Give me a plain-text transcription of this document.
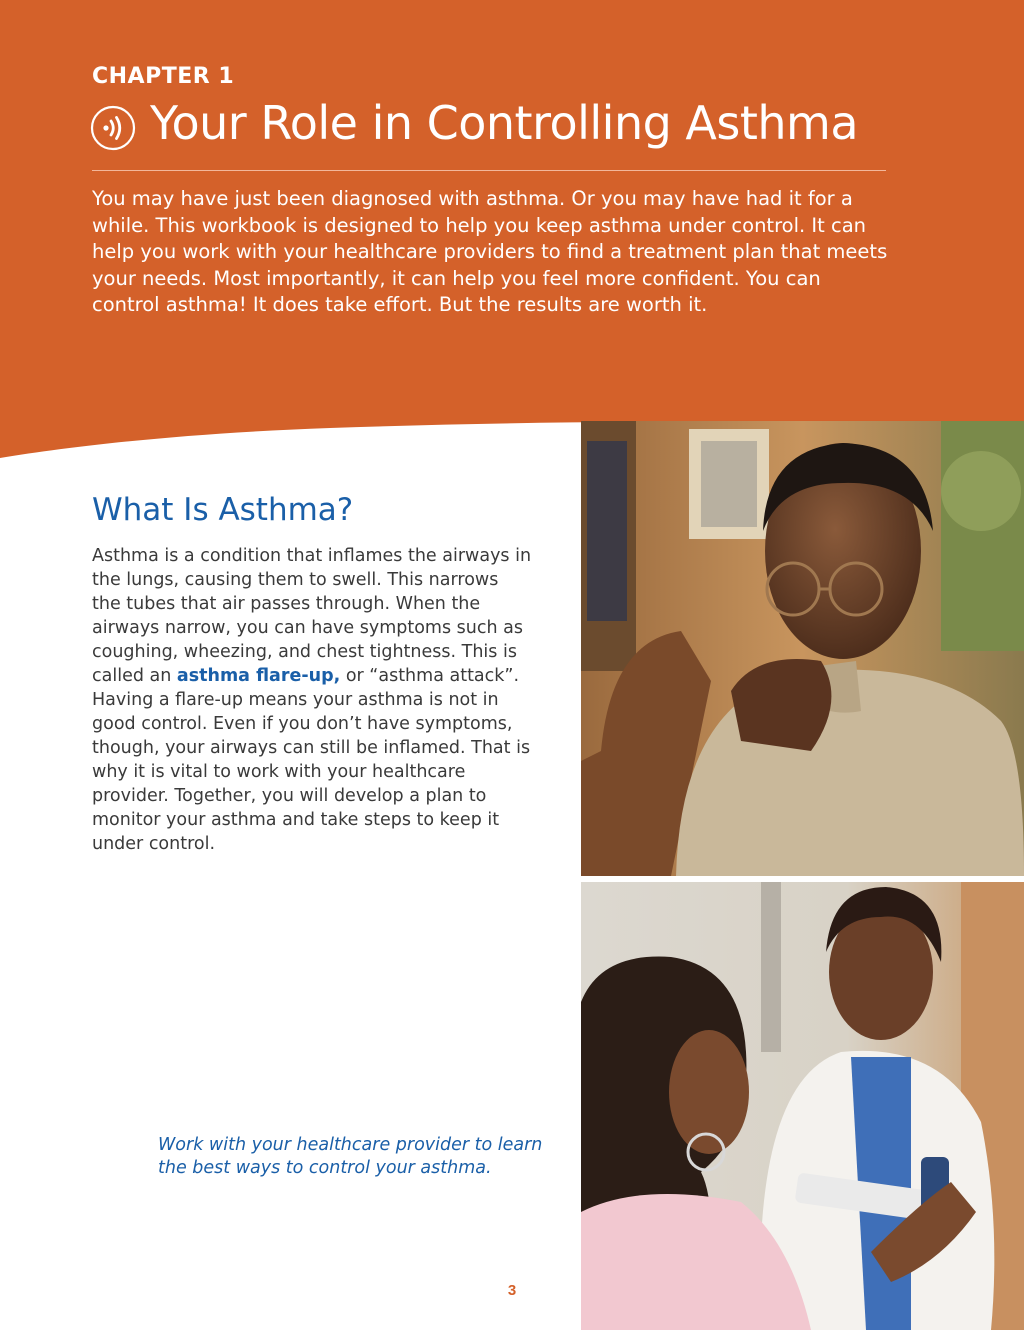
CHAPTER 1
Your Role in Controlling Asthma

You may have just been diagnosed with asthma. Or you may have had it for a while. This workbook is designed to help you keep asthma under control. It can help you work with your healthcare providers to find a treatment plan that meets your needs. Most importantly, it can help you feel more confident. You can control asthma! It does take effort. But the results are worth it.

What Is Asthma?

Asthma is a condition that inflames the airways in the lungs, causing them to swell. This narrows the tubes that air passes through. When the airways narrow, you can have symptoms such as coughing, wheezing, and chest tightness. This is called an asthma flare-up, or “asthma attack”. Having a flare-up means your asthma is not in good control. Even if you don’t have symptoms, though, your airways can still be inflamed. That is why it is vital to work with your healthcare provider. Together, you will develop a plan to monitor your asthma and take steps to keep it under control.

Work with your healthcare provider to learn the best ways to control your asthma.

3
